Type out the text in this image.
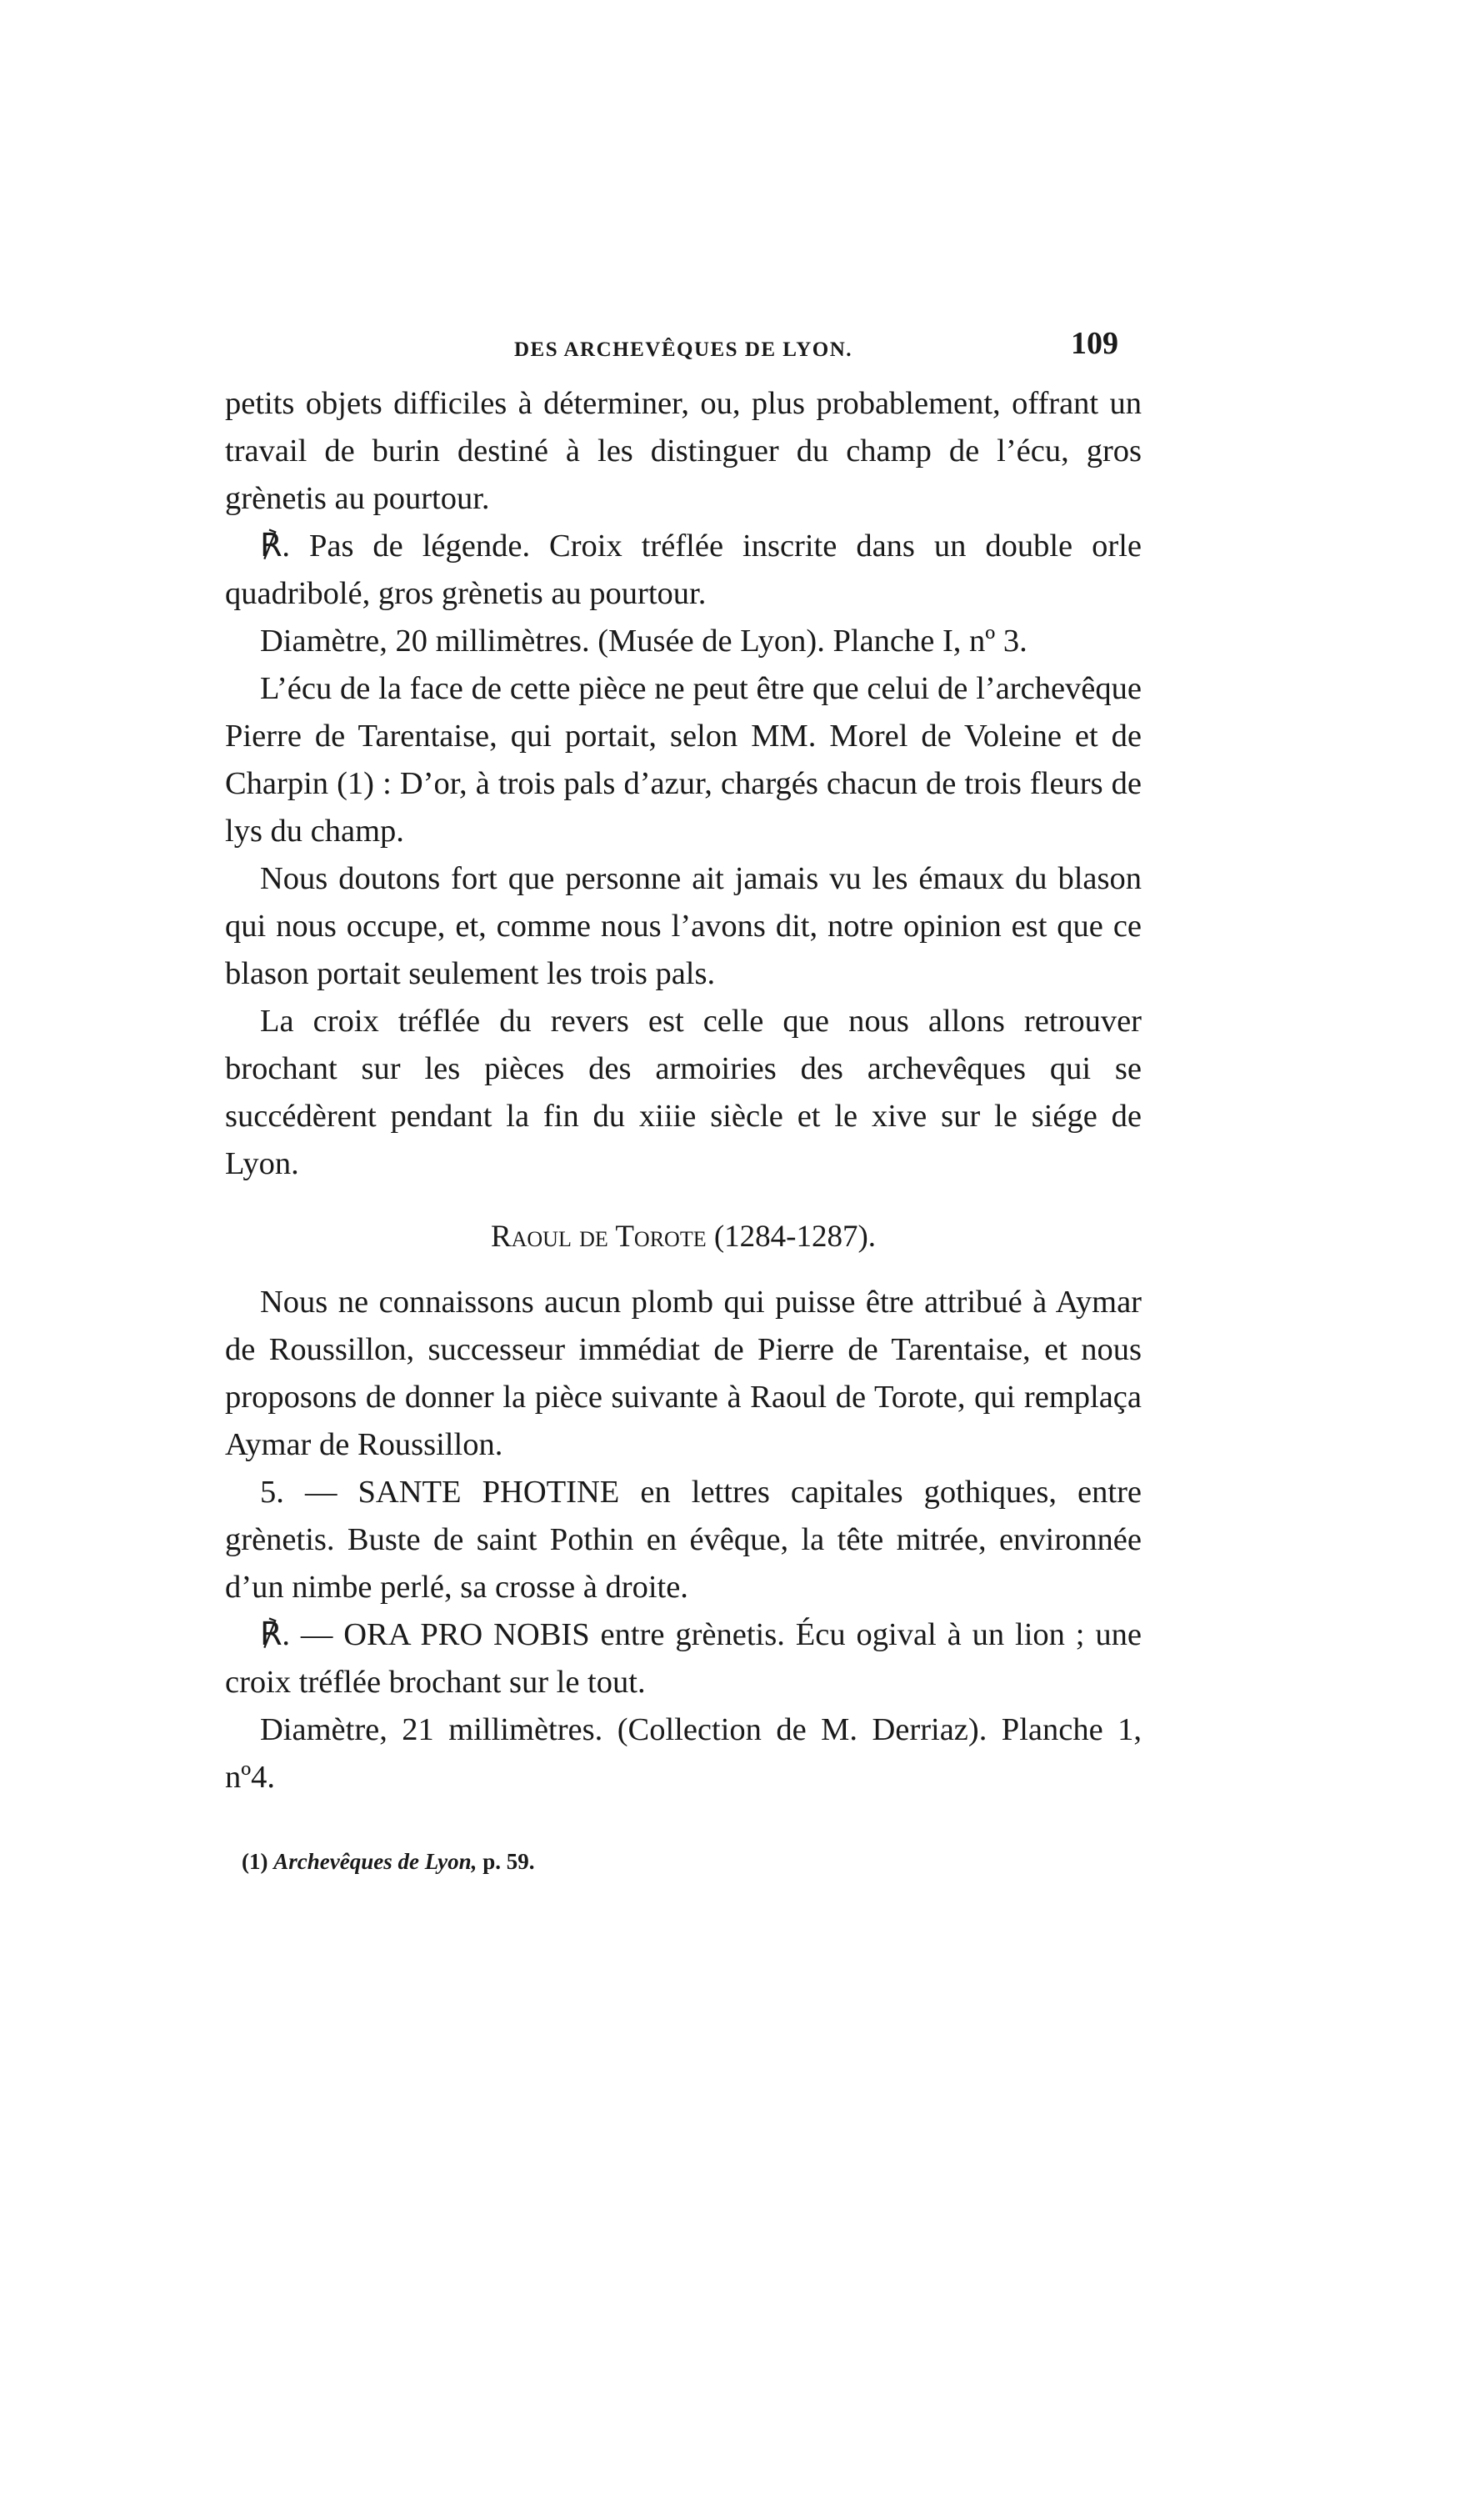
DES ARCHEVÊQUES DE LYON.	109

petits objets difficiles à déterminer, ou, plus probablement, offrant un travail de burin destiné à les distinguer du champ de l’écu, gros grènetis au pourtour.

℟. Pas de légende. Croix tréflée inscrite dans un double orle quadribolé, gros grènetis au pourtour.

Diamètre, 20 millimètres. (Musée de Lyon). Planche I, nº 3.

L’écu de la face de cette pièce ne peut être que celui de l’archevêque Pierre de Tarentaise, qui portait, selon MM. Morel de Voleine et de Charpin (1) : D’or, à trois pals d’azur, chargés chacun de trois fleurs de lys du champ.

Nous doutons fort que personne ait jamais vu les émaux du blason qui nous occupe, et, comme nous l’avons dit, notre opinion est que ce blason portait seulement les trois pals.

La croix tréflée du revers est celle que nous allons retrouver brochant sur les pièces des armoiries des archevêques qui se succédèrent pendant la fin du xiiie siècle et le xive sur le siége de Lyon.

Raoul de Torote (1284-1287).

Nous ne connaissons aucun plomb qui puisse être attribué à Aymar de Roussillon, successeur immédiat de Pierre de Tarentaise, et nous proposons de donner la pièce suivante à Raoul de Torote, qui remplaça Aymar de Roussillon.

5. — SANTE PHOTINE en lettres capitales gothiques, entre grènetis. Buste de saint Pothin en évêque, la tête mitrée, environnée d’un nimbe perlé, sa crosse à droite.

℟. — ORA PRO NOBIS entre grènetis. Écu ogival à un lion ; une croix tréflée brochant sur le tout.

Diamètre, 21 millimètres. (Collection de M. Derriaz). Planche 1, nº4.

(1) Archevêques de Lyon, p. 59.
